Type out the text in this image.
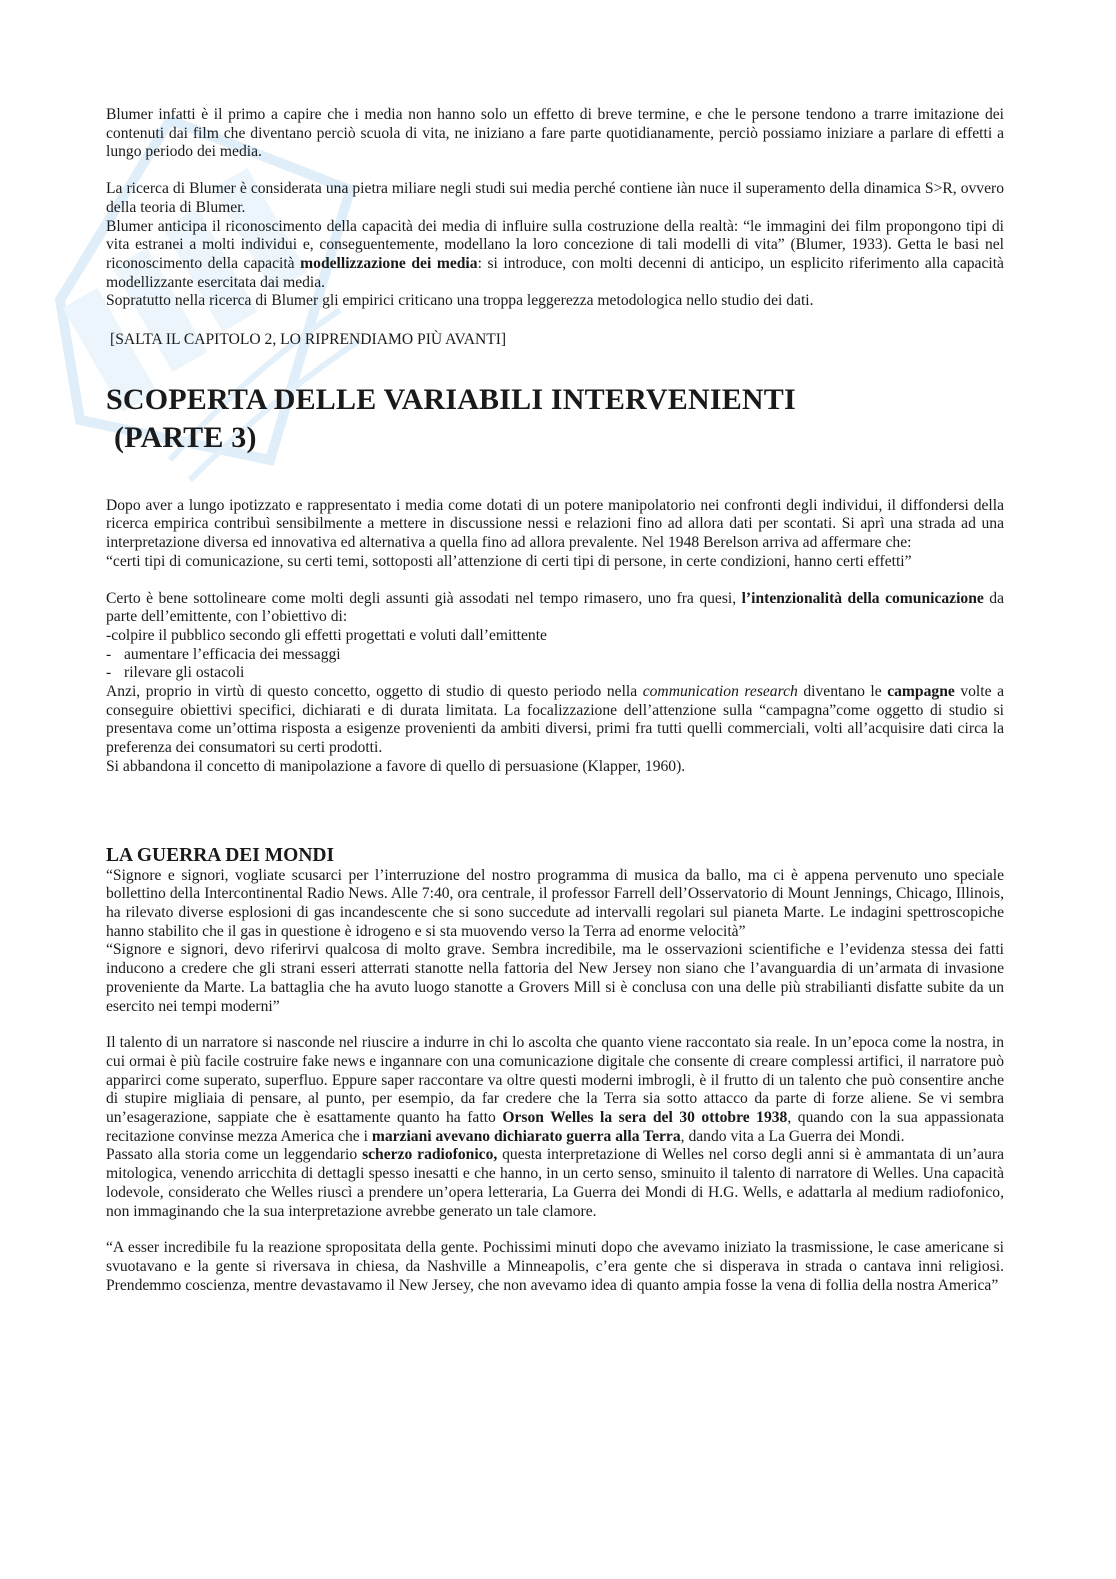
Blumer infatti è il primo a capire che i media non hanno solo un effetto di breve termine, e che le persone tendono a trarre imitazione dei contenuti dai film che diventano perciò scuola di vita, ne iniziano a fare parte quotidianamente, perciò possiamo iniziare a parlare di effetti a lungo periodo dei media.

La ricerca di Blumer è considerata una pietra miliare negli studi sui media perché contiene iàn nuce il superamento della dinamica S>R, ovvero della teoria di Blumer.

Blumer anticipa il riconoscimento della capacità dei media di influire sulla costruzione della realtà: “le immagini dei film propongono tipi di vita estranei a molti individui e, conseguentemente, modellano la loro concezione di tali modelli di vita” (Blumer, 1933). Getta le basi nel riconoscimento della capacità modellizzazione dei media: si introduce, con molti decenni di anticipo, un esplicito riferimento alla capacità modellizzante esercitata dai media.

Sopratutto nella ricerca di Blumer gli empirici criticano una troppa leggerezza metodologica nello studio dei dati.

[SALTA IL CAPITOLO 2, LO RIPRENDIAMO PIÙ AVANTI]

SCOPERTA DELLE VARIABILI INTERVENIENTI
(PARTE 3)

Dopo aver a lungo ipotizzato e rappresentato i media come dotati di un potere manipolatorio nei confronti degli individui, il diffondersi della ricerca empirica contribuì sensibilmente a mettere in discussione nessi e relazioni fino ad allora dati per scontati. Si aprì una strada ad una interpretazione diversa ed innovativa ed alternativa a quella fino ad allora prevalente. Nel 1948 Berelson arriva ad affermare che:

“certi tipi di comunicazione, su certi temi, sottoposti all’attenzione di certi tipi di persone, in certe condizioni, hanno certi effetti”

Certo è bene sottolineare come molti degli assunti già assodati nel tempo rimasero, uno fra quesi, l’intenzionalità della comunicazione da parte dell’emittente, con l’obiettivo di:

-colpire il pubblico secondo gli effetti progettati e voluti dall’emittente

- aumentare l’efficacia dei messaggi
- rilevare gli ostacoli

Anzi, proprio in virtù di questo concetto, oggetto di studio di questo periodo nella communication research diventano le campagne volte a conseguire obiettivi specifici, dichiarati e di durata limitata. La focalizzazione dell’attenzione sulla “campagna”come oggetto di studio si presentava come un’ottima risposta a esigenze provenienti da ambiti diversi, primi fra tutti quelli commerciali, volti all’acquisire dati circa la preferenza dei consumatori su certi prodotti.

Si abbandona il concetto di manipolazione a favore di quello di persuasione (Klapper, 1960).

LA GUERRA DEI MONDI

“Signore e signori, vogliate scusarci per l’interruzione del nostro programma di musica da ballo, ma ci è appena pervenuto uno speciale bollettino della Intercontinental Radio News. Alle 7:40, ora centrale, il professor Farrell dell’Osservatorio di Mount Jennings, Chicago, Illinois, ha rilevato diverse esplosioni di gas incandescente che si sono succedute ad intervalli regolari sul pianeta Marte. Le indagini spettroscopiche hanno stabilito che il gas in questione è idrogeno e si sta muovendo verso la Terra ad enorme velocità”

“Signore e signori, devo riferirvi qualcosa di molto grave. Sembra incredibile, ma le osservazioni scientifiche e l’evidenza stessa dei fatti inducono a credere che gli strani esseri atterrati stanotte nella fattoria del New Jersey non siano che l’avanguardia di un’armata di invasione proveniente da Marte. La battaglia che ha avuto luogo stanotte a Grovers Mill si è conclusa con una delle più strabilianti disfatte subite da un esercito nei tempi moderni”

Il talento di un narratore si nasconde nel riuscire a indurre in chi lo ascolta che quanto viene raccontato sia reale. In un’epoca come la nostra, in cui ormai è più facile costruire fake news e ingannare con una comunicazione digitale che consente di creare complessi artifici, il narratore può apparirci come superato, superfluo. Eppure saper raccontare va oltre questi moderni imbrogli, è il frutto di un talento che può consentire anche di stupire migliaia di pensare, al punto, per esempio, da far credere che la Terra sia sotto attacco da parte di forze aliene. Se vi sembra un’esagerazione, sappiate che è esattamente quanto ha fatto Orson Welles la sera del 30 ottobre 1938, quando con la sua appassionata recitazione convinse mezza America che i marziani avevano dichiarato guerra alla Terra, dando vita a La Guerra dei Mondi.

Passato alla storia come un leggendario scherzo radiofonico, questa interpretazione di Welles nel corso degli anni si è ammantata di un’aura mitologica, venendo arricchita di dettagli spesso inesatti e che hanno, in un certo senso, sminuito il talento di narratore di Welles. Una capacità lodevole, considerato che Welles riuscì a prendere un’opera letteraria, La Guerra dei Mondi di H.G. Wells, e adattarla al medium radiofonico, non immaginando che la sua interpretazione avrebbe generato un tale clamore.

“A esser incredibile fu la reazione spropositata della gente. Pochissimi minuti dopo che avevamo iniziato la trasmissione, le case americane si svuotavano e la gente si riversava in chiesa, da Nashville a Minneapolis, c’era gente che si disperava in strada o cantava inni religiosi. Prendemmo coscienza, mentre devastavamo il New Jersey, che non avevamo idea di quanto ampia fosse la vena di follia della nostra America”
